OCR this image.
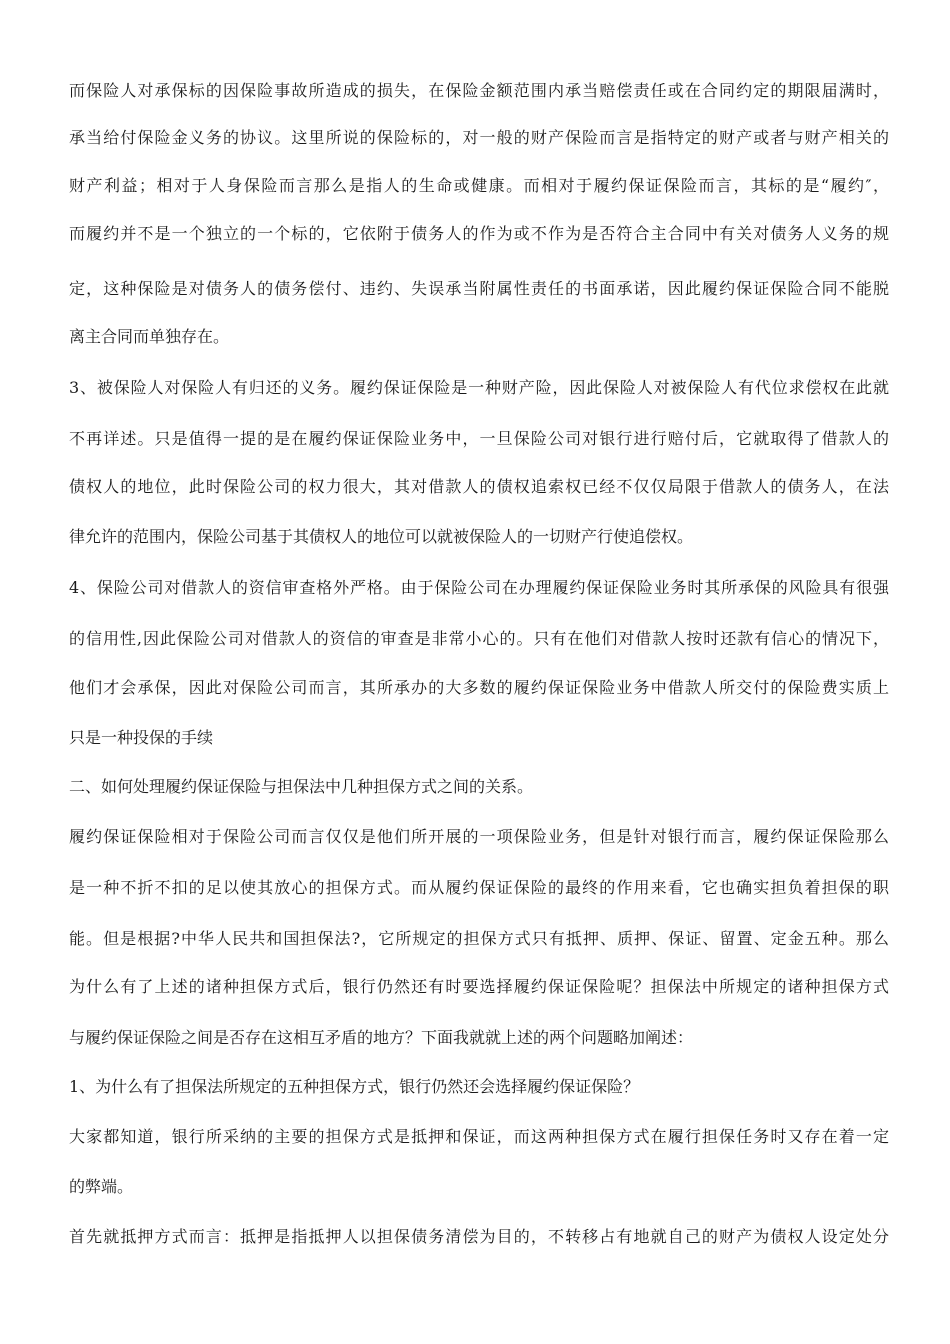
而保险人对承保标的因保险事故所造成的损失，在保险金额范围内承当赔偿责任或在合同约定的期限届满时，
承当给付保险金义务的协议。这里所说的保险标的，对一般的财产保险而言是指特定的财产或者与财产相关的
财产利益；相对于人身保险而言那么是指人的生命或健康。而相对于履约保证保险而言，其标的是“履约″，
而履约并不是一个独立的一个标的，它依附于债务人的作为或不作为是否符合主合同中有关对债务人义务的规
定，这种保险是对债务人的债务偿付、违约、失误承当附属性责任的书面承诺，因此履约保证保险合同不能脱
离主合同而单独存在。
3、被保险人对保险人有归还的义务。履约保证保险是一种财产险，因此保险人对被保险人有代位求偿权在此就
不再详述。只是值得一提的是在履约保证保险业务中，一旦保险公司对银行进行赔付后，它就取得了借款人的
债权人的地位，此时保险公司的权力很大，其对借款人的债权追索权已经不仅仅局限于借款人的债务人，在法
律允许的范围内，保险公司基于其债权人的地位可以就被保险人的一切财产行使追偿权。
4、保险公司对借款人的资信审查格外严格。由于保险公司在办理履约保证保险业务时其所承保的风险具有很强
的信用性,因此保险公司对借款人的资信的审查是非常小心的。只有在他们对借款人按时还款有信心的情况下，
他们才会承保，因此对保险公司而言，其所承办的大多数的履约保证保险业务中借款人所交付的保险费实质上
只是一种投保的手续
二、如何处理履约保证保险与担保法中几种担保方式之间的关系。
履约保证保险相对于保险公司而言仅仅是他们所开展的一项保险业务，但是针对银行而言，履约保证保险那么
是一种不折不扣的足以使其放心的担保方式。而从履约保证保险的最终的作用来看，它也确实担负着担保的职
能。但是根据?中华人民共和国担保法?，它所规定的担保方式只有抵押、质押、保证、留置、定金五种。那么
为什么有了上述的诸种担保方式后，银行仍然还有时要选择履约保证保险呢？担保法中所规定的诸种担保方式
与履约保证保险之间是否存在这相互矛盾的地方？下面我就就上述的两个问题略加阐述：
1、为什么有了担保法所规定的五种担保方式，银行仍然还会选择履约保证保险？
大家都知道，银行所采纳的主要的担保方式是抵押和保证，而这两种担保方式在履行担保任务时又存在着一定
的弊端。
首先就抵押方式而言：抵押是指抵押人以担保债务清偿为目的，不转移占有地就自己的财产为债权人设定处分
